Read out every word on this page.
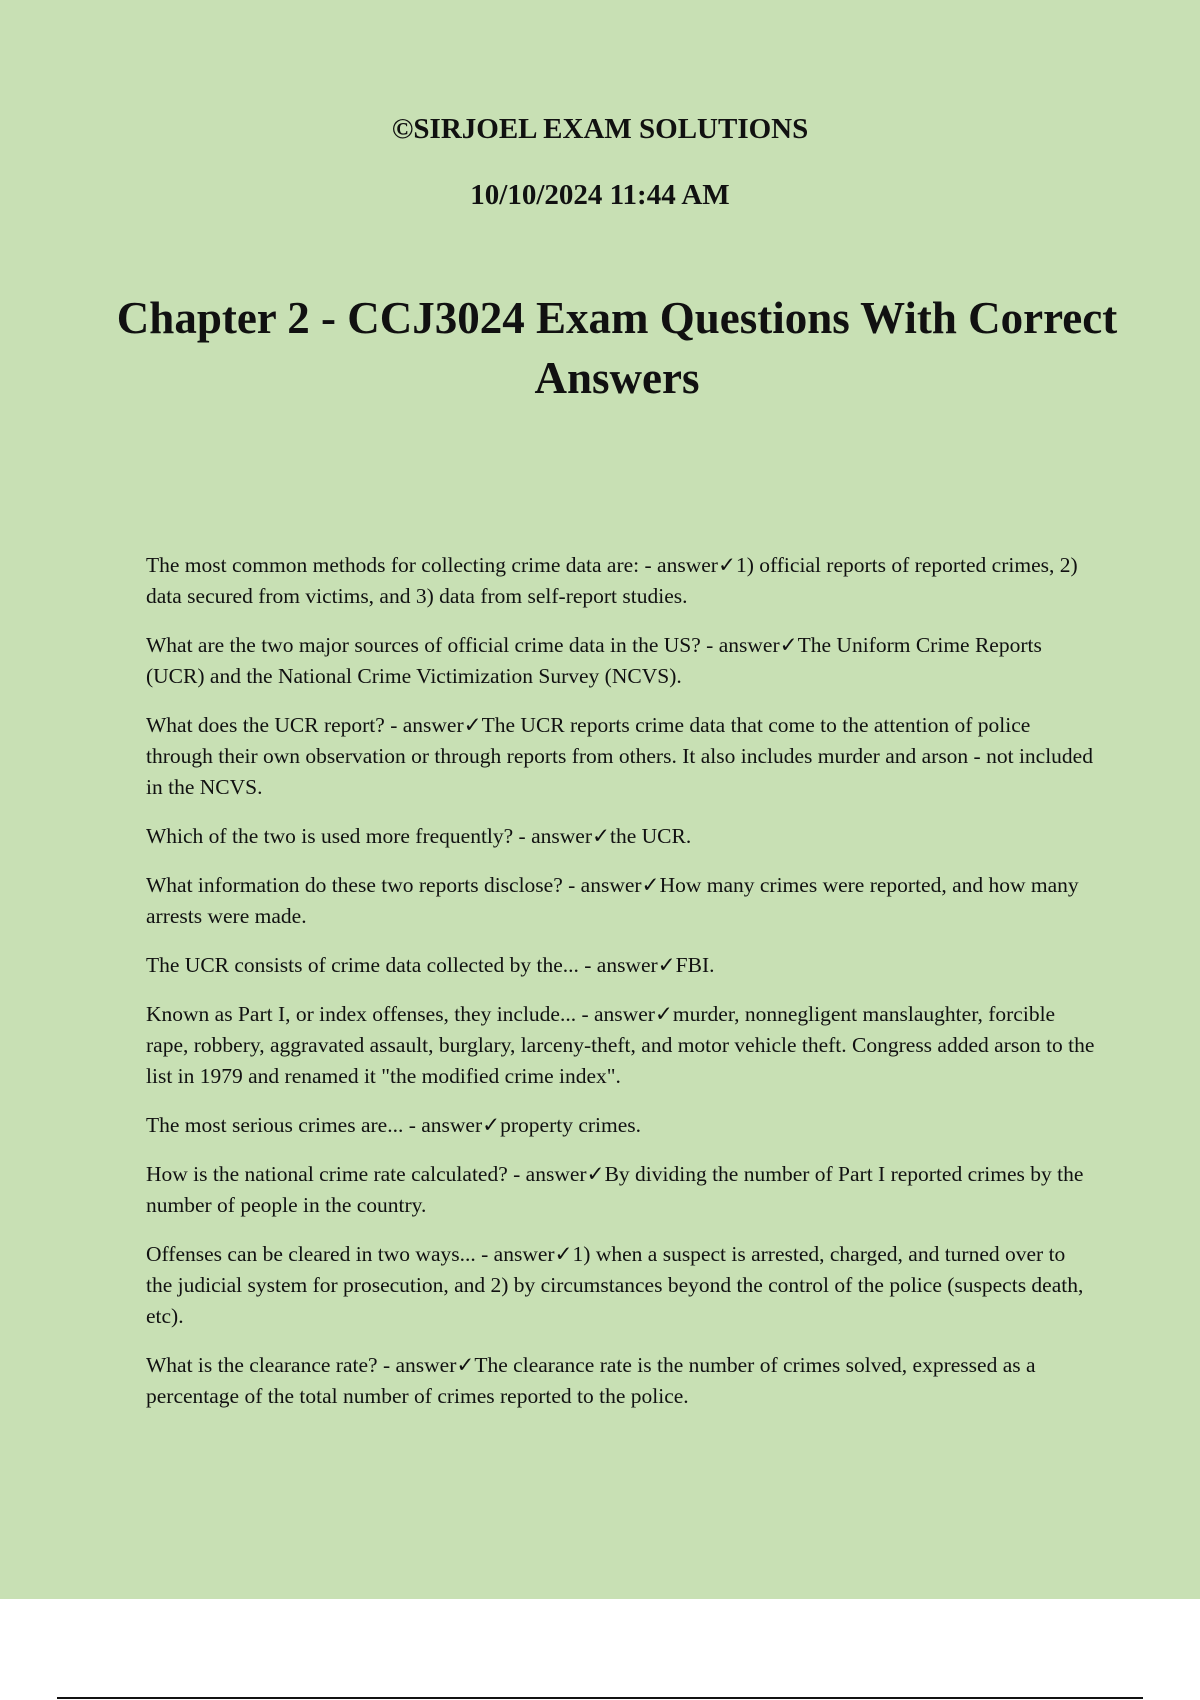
©SIRJOEL EXAM SOLUTIONS
10/10/2024 11:44 AM
Chapter 2 - CCJ3024 Exam Questions With Correct Answers
The most common methods for collecting crime data are: - answer✓1) official reports of reported crimes, 2) data secured from victims, and 3) data from self-report studies.
What are the two major sources of official crime data in the US? - answer✓The Uniform Crime Reports (UCR) and the National Crime Victimization Survey (NCVS).
What does the UCR report? - answer✓The UCR reports crime data that come to the attention of police through their own observation or through reports from others. It also includes murder and arson - not included in the NCVS.
Which of the two is used more frequently? - answer✓the UCR.
What information do these two reports disclose? - answer✓How many crimes were reported, and how many arrests were made.
The UCR consists of crime data collected by the... - answer✓FBI.
Known as Part I, or index offenses, they include... - answer✓murder, nonnegligent manslaughter, forcible rape, robbery, aggravated assault, burglary, larceny-theft, and motor vehicle theft. Congress added arson to the list in 1979 and renamed it "the modified crime index".
The most serious crimes are... - answer✓property crimes.
How is the national crime rate calculated? - answer✓By dividing the number of Part I reported crimes by the number of people in the country.
Offenses can be cleared in two ways... - answer✓1) when a suspect is arrested, charged, and turned over to the judicial system for prosecution, and 2) by circumstances beyond the control of the police (suspects death, etc).
What is the clearance rate? - answer✓The clearance rate is the number of crimes solved, expressed as a percentage of the total number of crimes reported to the police.
